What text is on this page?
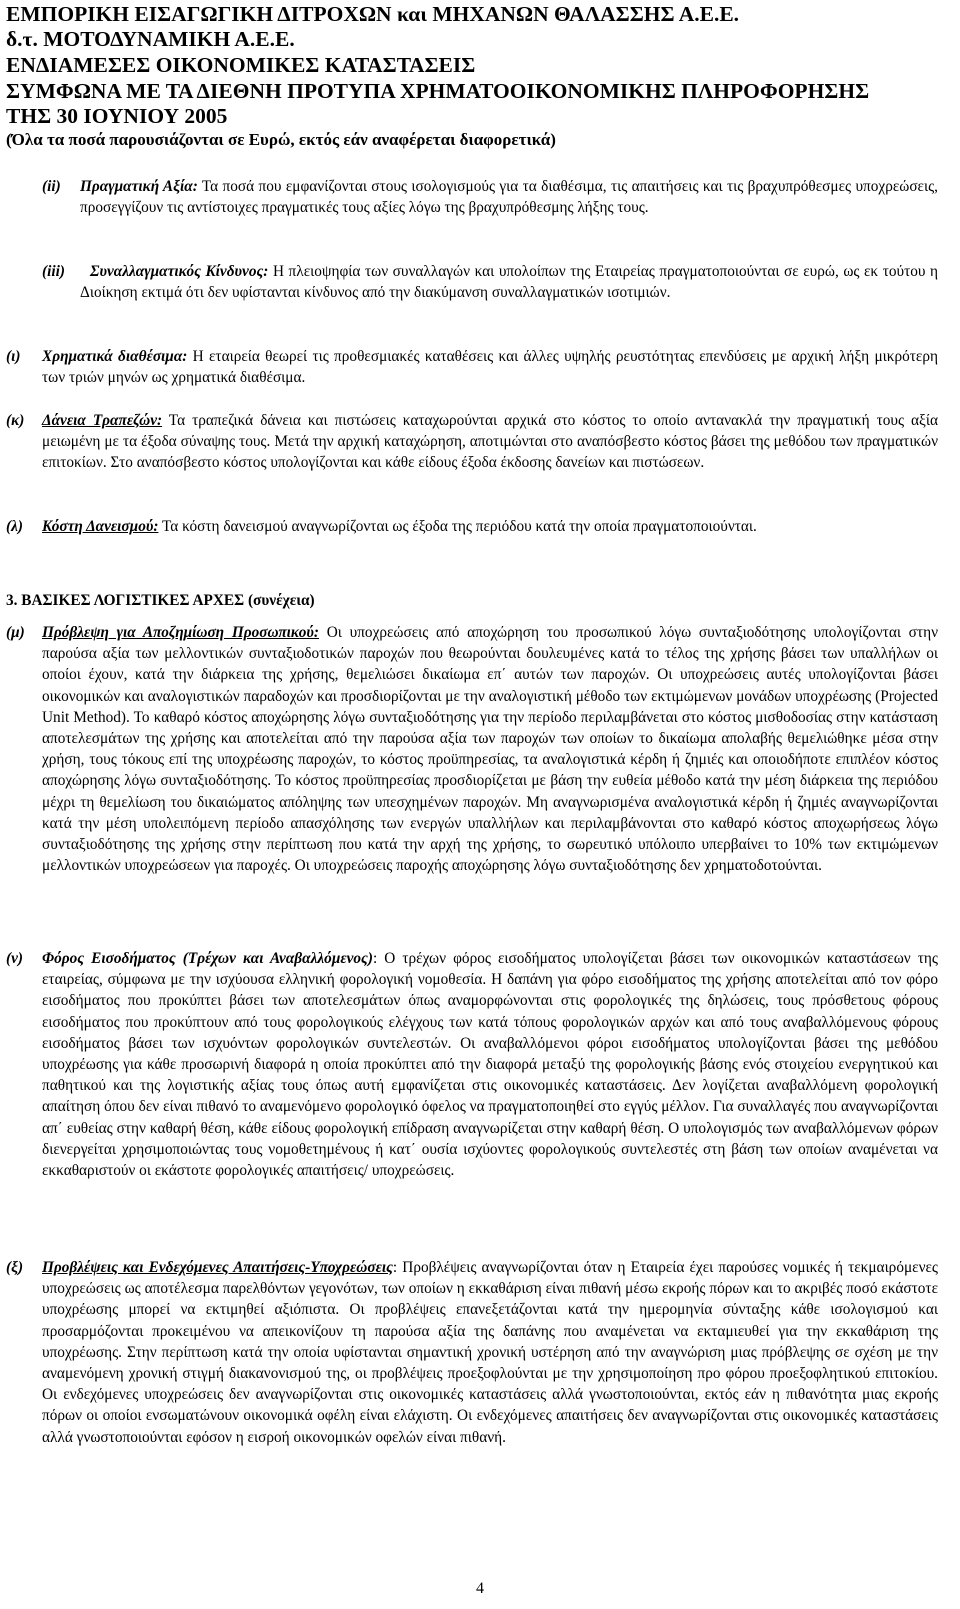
ΕΜΠΟΡΙΚΗ ΕΙΣΑΓΩΓΙΚΗ ΔΙΤΡΟΧΩΝ και ΜΗΧΑΝΩΝ ΘΑΛΑΣΣΗΣ Α.Ε.Ε.
δ.τ. ΜΟΤΟΔΥΝΑΜΙΚΗ Α.Ε.Ε.
ΕΝΔΙΑΜΕΣΕΣ ΟΙΚΟΝΟΜΙΚΕΣ ΚΑΤΑΣΤΑΣΕΙΣ
ΣΥΜΦΩΝΑ ΜΕ ΤΑ ΔΙΕΘΝΗ ΠΡΟΤΥΠΑ ΧΡΗΜΑΤΟΟΙΚΟΝΟΜΙΚΗΣ ΠΛΗΡΟΦΟΡΗΣΗΣ
ΤΗΣ 30 ΙΟΥΝΙΟΥ 2005
(Όλα τα ποσά παρουσιάζονται σε Ευρώ, εκτός εάν αναφέρεται διαφορετικά)
(ii) Πραγματική Αξία: Τα ποσά που εμφανίζονται στους ισολογισμούς για τα διαθέσιμα, τις απαιτήσεις και τις βραχυπρόθεσμες υποχρεώσεις, προσεγγίζουν τις αντίστοιχες πραγματικές τους αξίες λόγω της βραχυπρόθεσμης λήξης τους.
(iii)	Συναλλαγματικός Κίνδυνος: Η πλειοψηφία των συναλλαγών και υπολοίπων της Εταιρείας πραγματοποιούνται σε ευρώ, ως εκ τούτου η Διοίκηση εκτιμά ότι δεν υφίστανται κίνδυνος από την διακύμανση συναλλαγματικών ισοτιμιών.
(ι) Χρηματικά διαθέσιμα: Η εταιρεία θεωρεί τις προθεσμιακές καταθέσεις και άλλες υψηλής ρευστότητας επενδύσεις με αρχική λήξη μικρότερη των τριών μηνών ως χρηματικά διαθέσιμα.
(κ) Δάνεια Τραπεζών: Τα τραπεζικά δάνεια και πιστώσεις καταχωρούνται αρχικά στο κόστος το οποίο αντανακλά την πραγματική τους αξία μειωμένη με τα έξοδα σύναψης τους. Μετά την αρχική καταχώρηση, αποτιμώνται στο αναπόσβεστο κόστος βάσει της μεθόδου των πραγματικών επιτοκίων. Στο αναπόσβεστο κόστος υπολογίζονται και κάθε είδους έξοδα έκδοσης δανείων και πιστώσεων.
(λ) Κόστη Δανεισμού: Τα κόστη δανεισμού αναγνωρίζονται ως έξοδα της περιόδου κατά την οποία πραγματοποιούνται.
3. ΒΑΣΙΚΕΣ ΛΟΓΙΣΤΙΚΕΣ ΑΡΧΕΣ (συνέχεια)
(μ) Πρόβλεψη για Αποζημίωση Προσωπικού: Οι υποχρεώσεις από αποχώρηση του προσωπικού λόγω συνταξιοδότησης υπολογίζονται στην παρούσα αξία των μελλοντικών συνταξιοδοτικών παροχών που θεωρούνται δουλευμένες κατά το τέλος της χρήσης βάσει των υπαλλήλων οι οποίοι έχουν, κατά την διάρκεια της χρήσης, θεμελιώσει δικαίωμα επ΄ αυτών των παροχών. Οι υποχρεώσεις αυτές υπολογίζονται βάσει οικονομικών και αναλογιστικών παραδοχών και προσδιορίζονται με την αναλογιστική μέθοδο των εκτιμώμενων μονάδων υποχρέωσης (Projected Unit Method). Το καθαρό κόστος αποχώρησης λόγω συνταξιοδότησης για την περίοδο περιλαμβάνεται στο κόστος μισθοδοσίας στην κατάσταση αποτελεσμάτων της χρήσης και αποτελείται από την παρούσα αξία των παροχών των οποίων το δικαίωμα απολαβής θεμελιώθηκε μέσα στην χρήση, τους τόκους επί της υποχρέωσης παροχών, το κόστος προϋπηρεσίας, τα αναλογιστικά κέρδη ή ζημιές και οποιοδήποτε επιπλέον κόστος αποχώρησης λόγω συνταξιοδότησης. Το κόστος προϋπηρεσίας προσδιορίζεται με βάση την ευθεία μέθοδο κατά την μέση διάρκεια της περιόδου μέχρι τη θεμελίωση του δικαιώματος απόληψης των υπεσχημένων παροχών. Μη αναγνωρισμένα αναλογιστικά κέρδη ή ζημιές αναγνωρίζονται κατά την μέση υπολειπόμενη περίοδο απασχόλησης των ενεργών υπαλλήλων και περιλαμβάνονται στο καθαρό κόστος αποχωρήσεως λόγω συνταξιοδότησης της χρήσης στην περίπτωση που κατά την αρχή της χρήσης, το σωρευτικό υπόλοιπο υπερβαίνει το 10% των εκτιμώμενων μελλοντικών υποχρεώσεων για παροχές. Οι υποχρεώσεις παροχής αποχώρησης λόγω συνταξιοδότησης δεν χρηματοδοτούνται.
(ν) Φόρος Εισοδήματος (Τρέχων και Αναβαλλόμενος): Ο τρέχων φόρος εισοδήματος υπολογίζεται βάσει των οικονομικών καταστάσεων της εταιρείας, σύμφωνα με την ισχύουσα ελληνική φορολογική νομοθεσία. Η δαπάνη για φόρο εισοδήματος της χρήσης αποτελείται από τον φόρο εισοδήματος που προκύπτει βάσει των αποτελεσμάτων όπως αναμορφώνονται στις φορολογικές της δηλώσεις, τους πρόσθετους φόρους εισοδήματος που προκύπτουν από τους φορολογικούς ελέγχους των κατά τόπους φορολογικών αρχών και από τους αναβαλλόμενους φόρους εισοδήματος βάσει των ισχυόντων φορολογικών συντελεστών. Οι αναβαλλόμενοι φόροι εισοδήματος υπολογίζονται βάσει της μεθόδου υποχρέωσης για κάθε προσωρινή διαφορά η οποία προκύπτει από την διαφορά μεταξύ της φορολογικής βάσης ενός στοιχείου ενεργητικού και παθητικού και της λογιστικής αξίας τους όπως αυτή εμφανίζεται στις οικονομικές καταστάσεις. Δεν λογίζεται αναβαλλόμενη φορολογική απαίτηση όπου δεν είναι πιθανό το αναμενόμενο φορολογικό όφελος να πραγματοποιηθεί στο εγγύς μέλλον. Για συναλλαγές που αναγνωρίζονται απ΄ ευθείας στην καθαρή θέση, κάθε είδους φορολογική επίδραση αναγνωρίζεται στην καθαρή θέση. Ο υπολογισμός των αναβαλλόμενων φόρων διενεργείται χρησιμοποιώντας τους νομοθετημένους ή κατ΄ ουσία ισχύοντες φορολογικούς συντελεστές στη βάση των οποίων αναμένεται να εκκαθαριστούν οι εκάστοτε φορολογικές απαιτήσεις/ υποχρεώσεις.
(ξ) Προβλέψεις και Ενδεχόμενες Απαιτήσεις-Υποχρεώσεις: Προβλέψεις αναγνωρίζονται όταν η Εταιρεία έχει παρούσες νομικές ή τεκμαιρόμενες υποχρεώσεις ως αποτέλεσμα παρελθόντων γεγονότων, των οποίων η εκκαθάριση είναι πιθανή μέσω εκροής πόρων και το ακριβές ποσό εκάστοτε υποχρέωσης μπορεί να εκτιμηθεί αξιόπιστα. Οι προβλέψεις επανεξετάζονται κατά την ημερομηνία σύνταξης κάθε ισολογισμού και προσαρμόζονται προκειμένου να απεικονίζουν τη παρούσα αξία της δαπάνης που αναμένεται να εκταμιευθεί για την εκκαθάριση της υποχρέωσης. Στην περίπτωση κατά την οποία υφίστανται σημαντική χρονική υστέρηση από την αναγνώριση μιας πρόβλεψης σε σχέση με την αναμενόμενη χρονική στιγμή διακανονισμού της, οι προβλέψεις προεξοφλούνται με την χρησιμοποίηση προ φόρου προεξοφλητικού επιτοκίου. Οι ενδεχόμενες υποχρεώσεις δεν αναγνωρίζονται στις οικονομικές καταστάσεις αλλά γνωστοποιούνται, εκτός εάν η πιθανότητα μιας εκροής πόρων οι οποίοι ενσωματώνουν οικονομικά οφέλη είναι ελάχιστη. Οι ενδεχόμενες απαιτήσεις δεν αναγνωρίζονται στις οικονομικές καταστάσεις αλλά γνωστοποιούνται εφόσον η εισροή οικονομικών οφελών είναι πιθανή.
4
